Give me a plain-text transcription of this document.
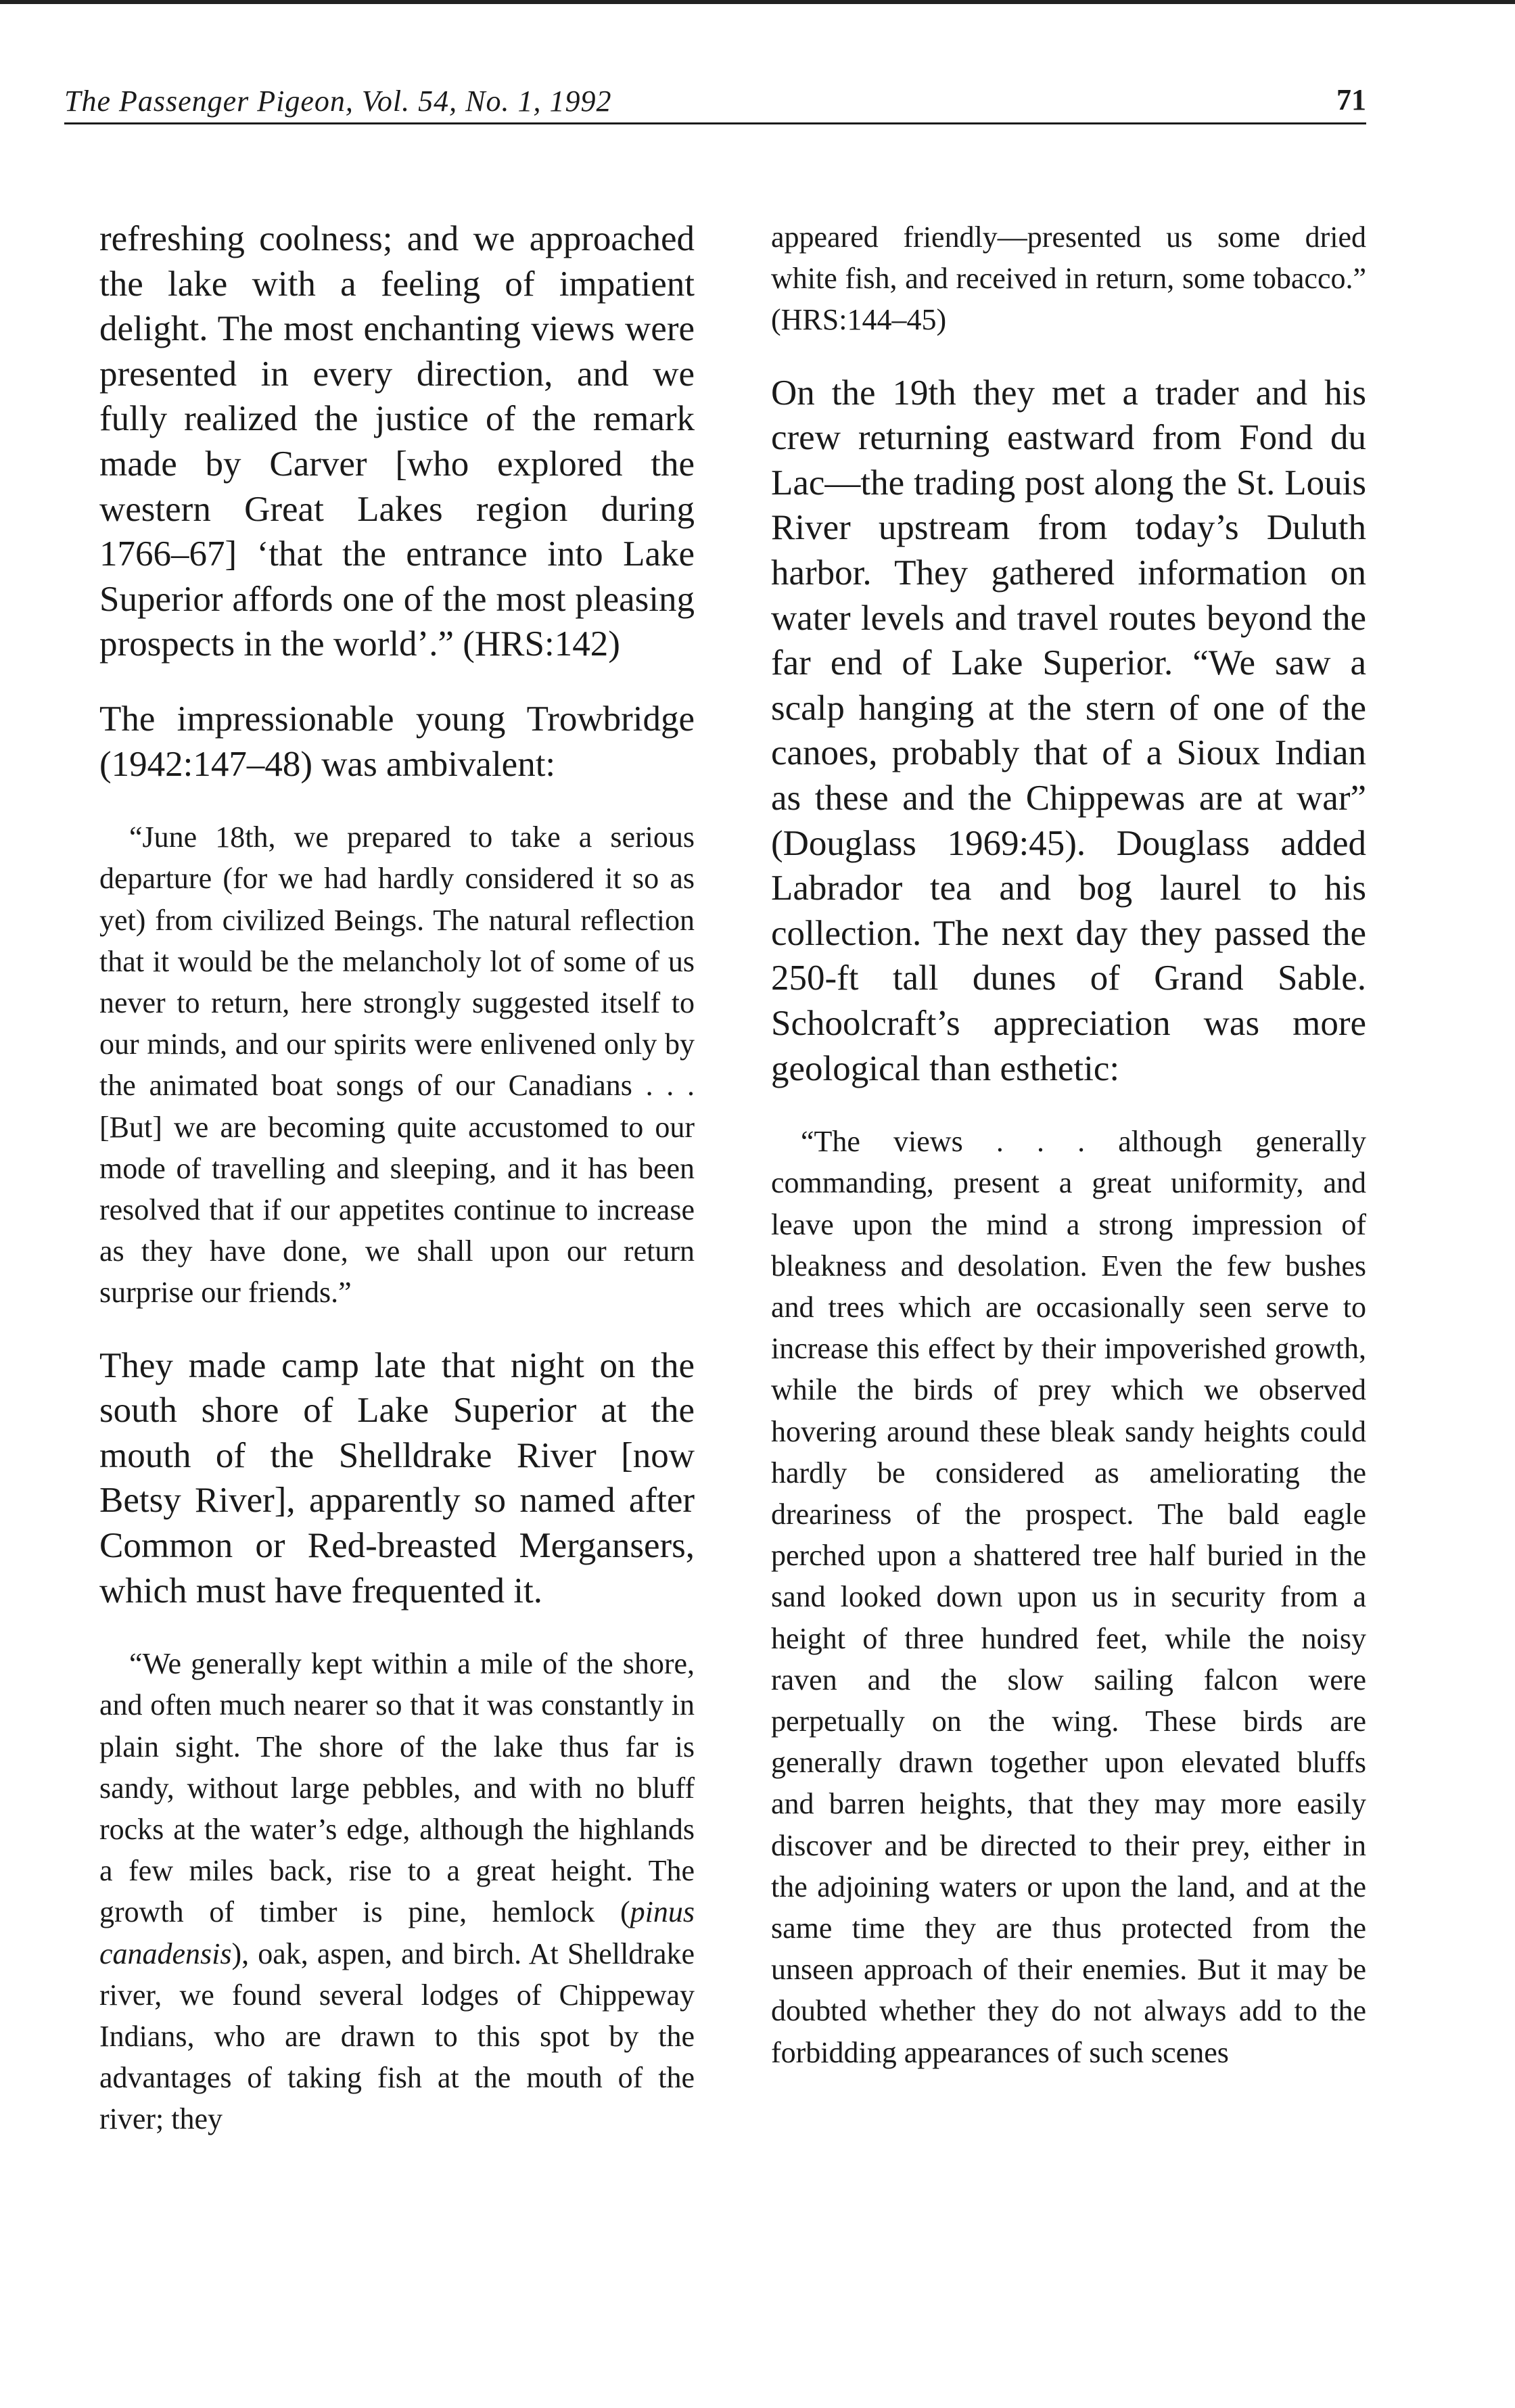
The Passenger Pigeon, Vol. 54, No. 1, 1992	71

refreshing coolness; and we approached the lake with a feeling of impatient delight. The most enchanting views were presented in every direction, and we fully realized the justice of the remark made by Carver [who explored the western Great Lakes region during 1766–67] ‘that the entrance into Lake Superior affords one of the most pleasing prospects in the world’.” (HRS:142)

The impressionable young Trowbridge (1942:147–48) was ambivalent:

“June 18th, we prepared to take a serious departure (for we had hardly considered it so as yet) from civilized Beings. The natural reflection that it would be the melancholy lot of some of us never to return, here strongly suggested itself to our minds, and our spirits were enlivened only by the animated boat songs of our Canadians . . . [But] we are becoming quite accustomed to our mode of travelling and sleeping, and it has been resolved that if our appetites continue to increase as they have done, we shall upon our return surprise our friends.”

They made camp late that night on the south shore of Lake Superior at the mouth of the Shelldrake River [now Betsy River], apparently so named after Common or Red-breasted Mergansers, which must have frequented it.

“We generally kept within a mile of the shore, and often much nearer so that it was constantly in plain sight. The shore of the lake thus far is sandy, without large pebbles, and with no bluff rocks at the water’s edge, although the highlands a few miles back, rise to a great height. The growth of timber is pine, hemlock (pinus canadensis), oak, aspen, and birch. At Shelldrake river, we found several lodges of Chippeway Indians, who are drawn to this spot by the advantages of taking fish at the mouth of the river; they

appeared friendly—presented us some dried white fish, and received in return, some tobacco.” (HRS:144–45)

On the 19th they met a trader and his crew returning eastward from Fond du Lac—the trading post along the St. Louis River upstream from today’s Duluth harbor. They gathered information on water levels and travel routes beyond the far end of Lake Superior. “We saw a scalp hanging at the stern of one of the canoes, probably that of a Sioux Indian as these and the Chippewas are at war” (Douglass 1969:45). Douglass added Labrador tea and bog laurel to his collection. The next day they passed the 250-ft tall dunes of Grand Sable. Schoolcraft’s appreciation was more geological than esthetic:

“The views . . . although generally commanding, present a great uniformity, and leave upon the mind a strong impression of bleakness and desolation. Even the few bushes and trees which are occasionally seen serve to increase this effect by their impoverished growth, while the birds of prey which we observed hovering around these bleak sandy heights could hardly be considered as ameliorating the dreariness of the prospect. The bald eagle perched upon a shattered tree half buried in the sand looked down upon us in security from a height of three hundred feet, while the noisy raven and the slow sailing falcon were perpetually on the wing. These birds are generally drawn together upon elevated bluffs and barren heights, that they may more easily discover and be directed to their prey, either in the adjoining waters or upon the land, and at the same time they are thus protected from the unseen approach of their enemies. But it may be doubted whether they do not always add to the forbidding appearances of such scenes
